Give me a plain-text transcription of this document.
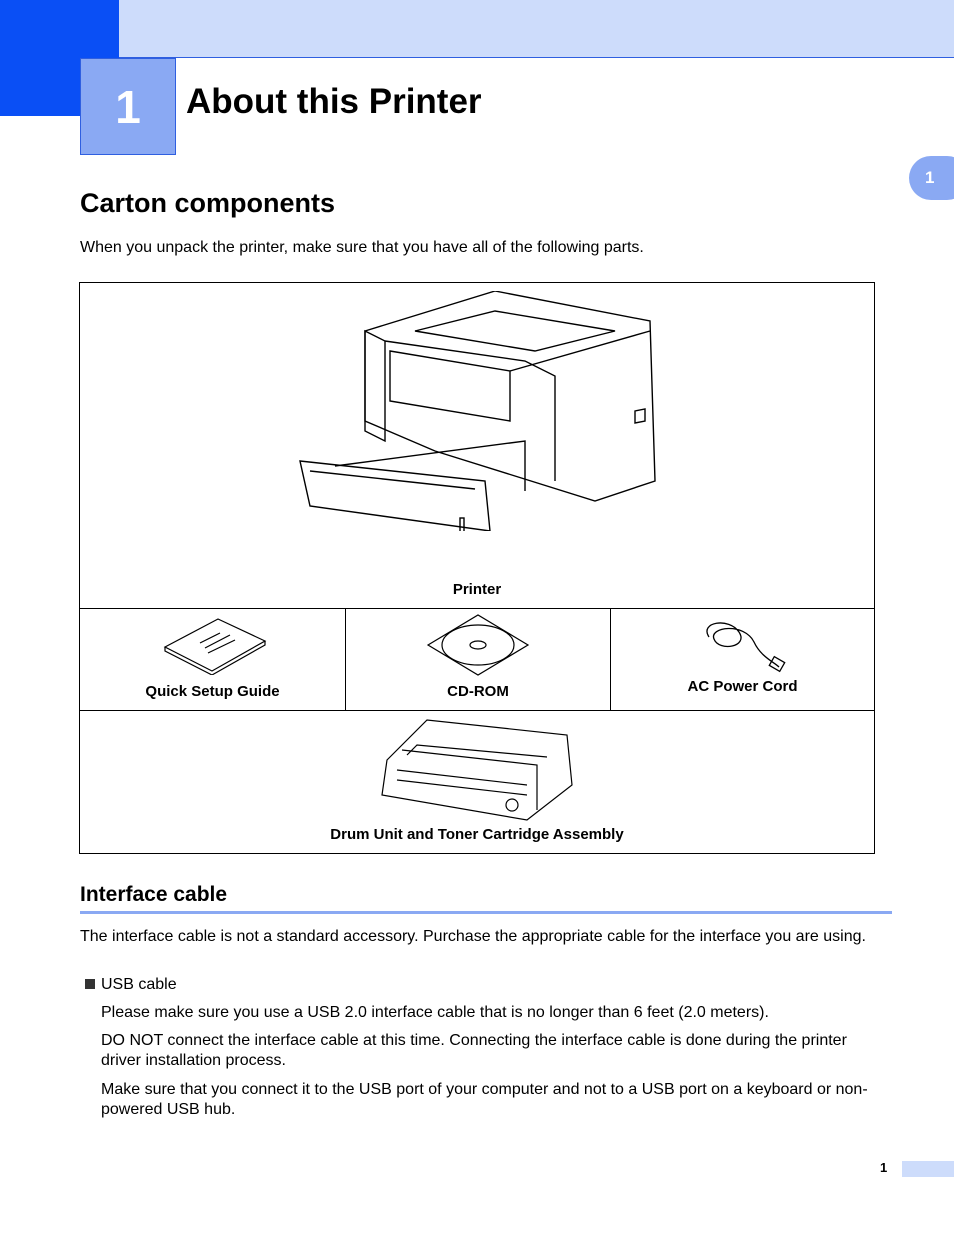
1	About this Printer
1
Carton components
When you unpack the printer, make sure that you have all of the following parts.
Printer
Quick Setup Guide	CD-ROM	AC Power Cord
Drum Unit and Toner Cartridge Assembly
Interface cable
The interface cable is not a standard accessory. Purchase the appropriate cable for the interface you are using.
USB cable
Please make sure you use a USB 2.0 interface cable that is no longer than 6 feet (2.0 meters).
DO NOT connect the interface cable at this time. Connecting the interface cable is done during the printer driver installation process.
Make sure that you connect it to the USB port of your computer and not to a USB port on a keyboard or non-powered USB hub.
1
